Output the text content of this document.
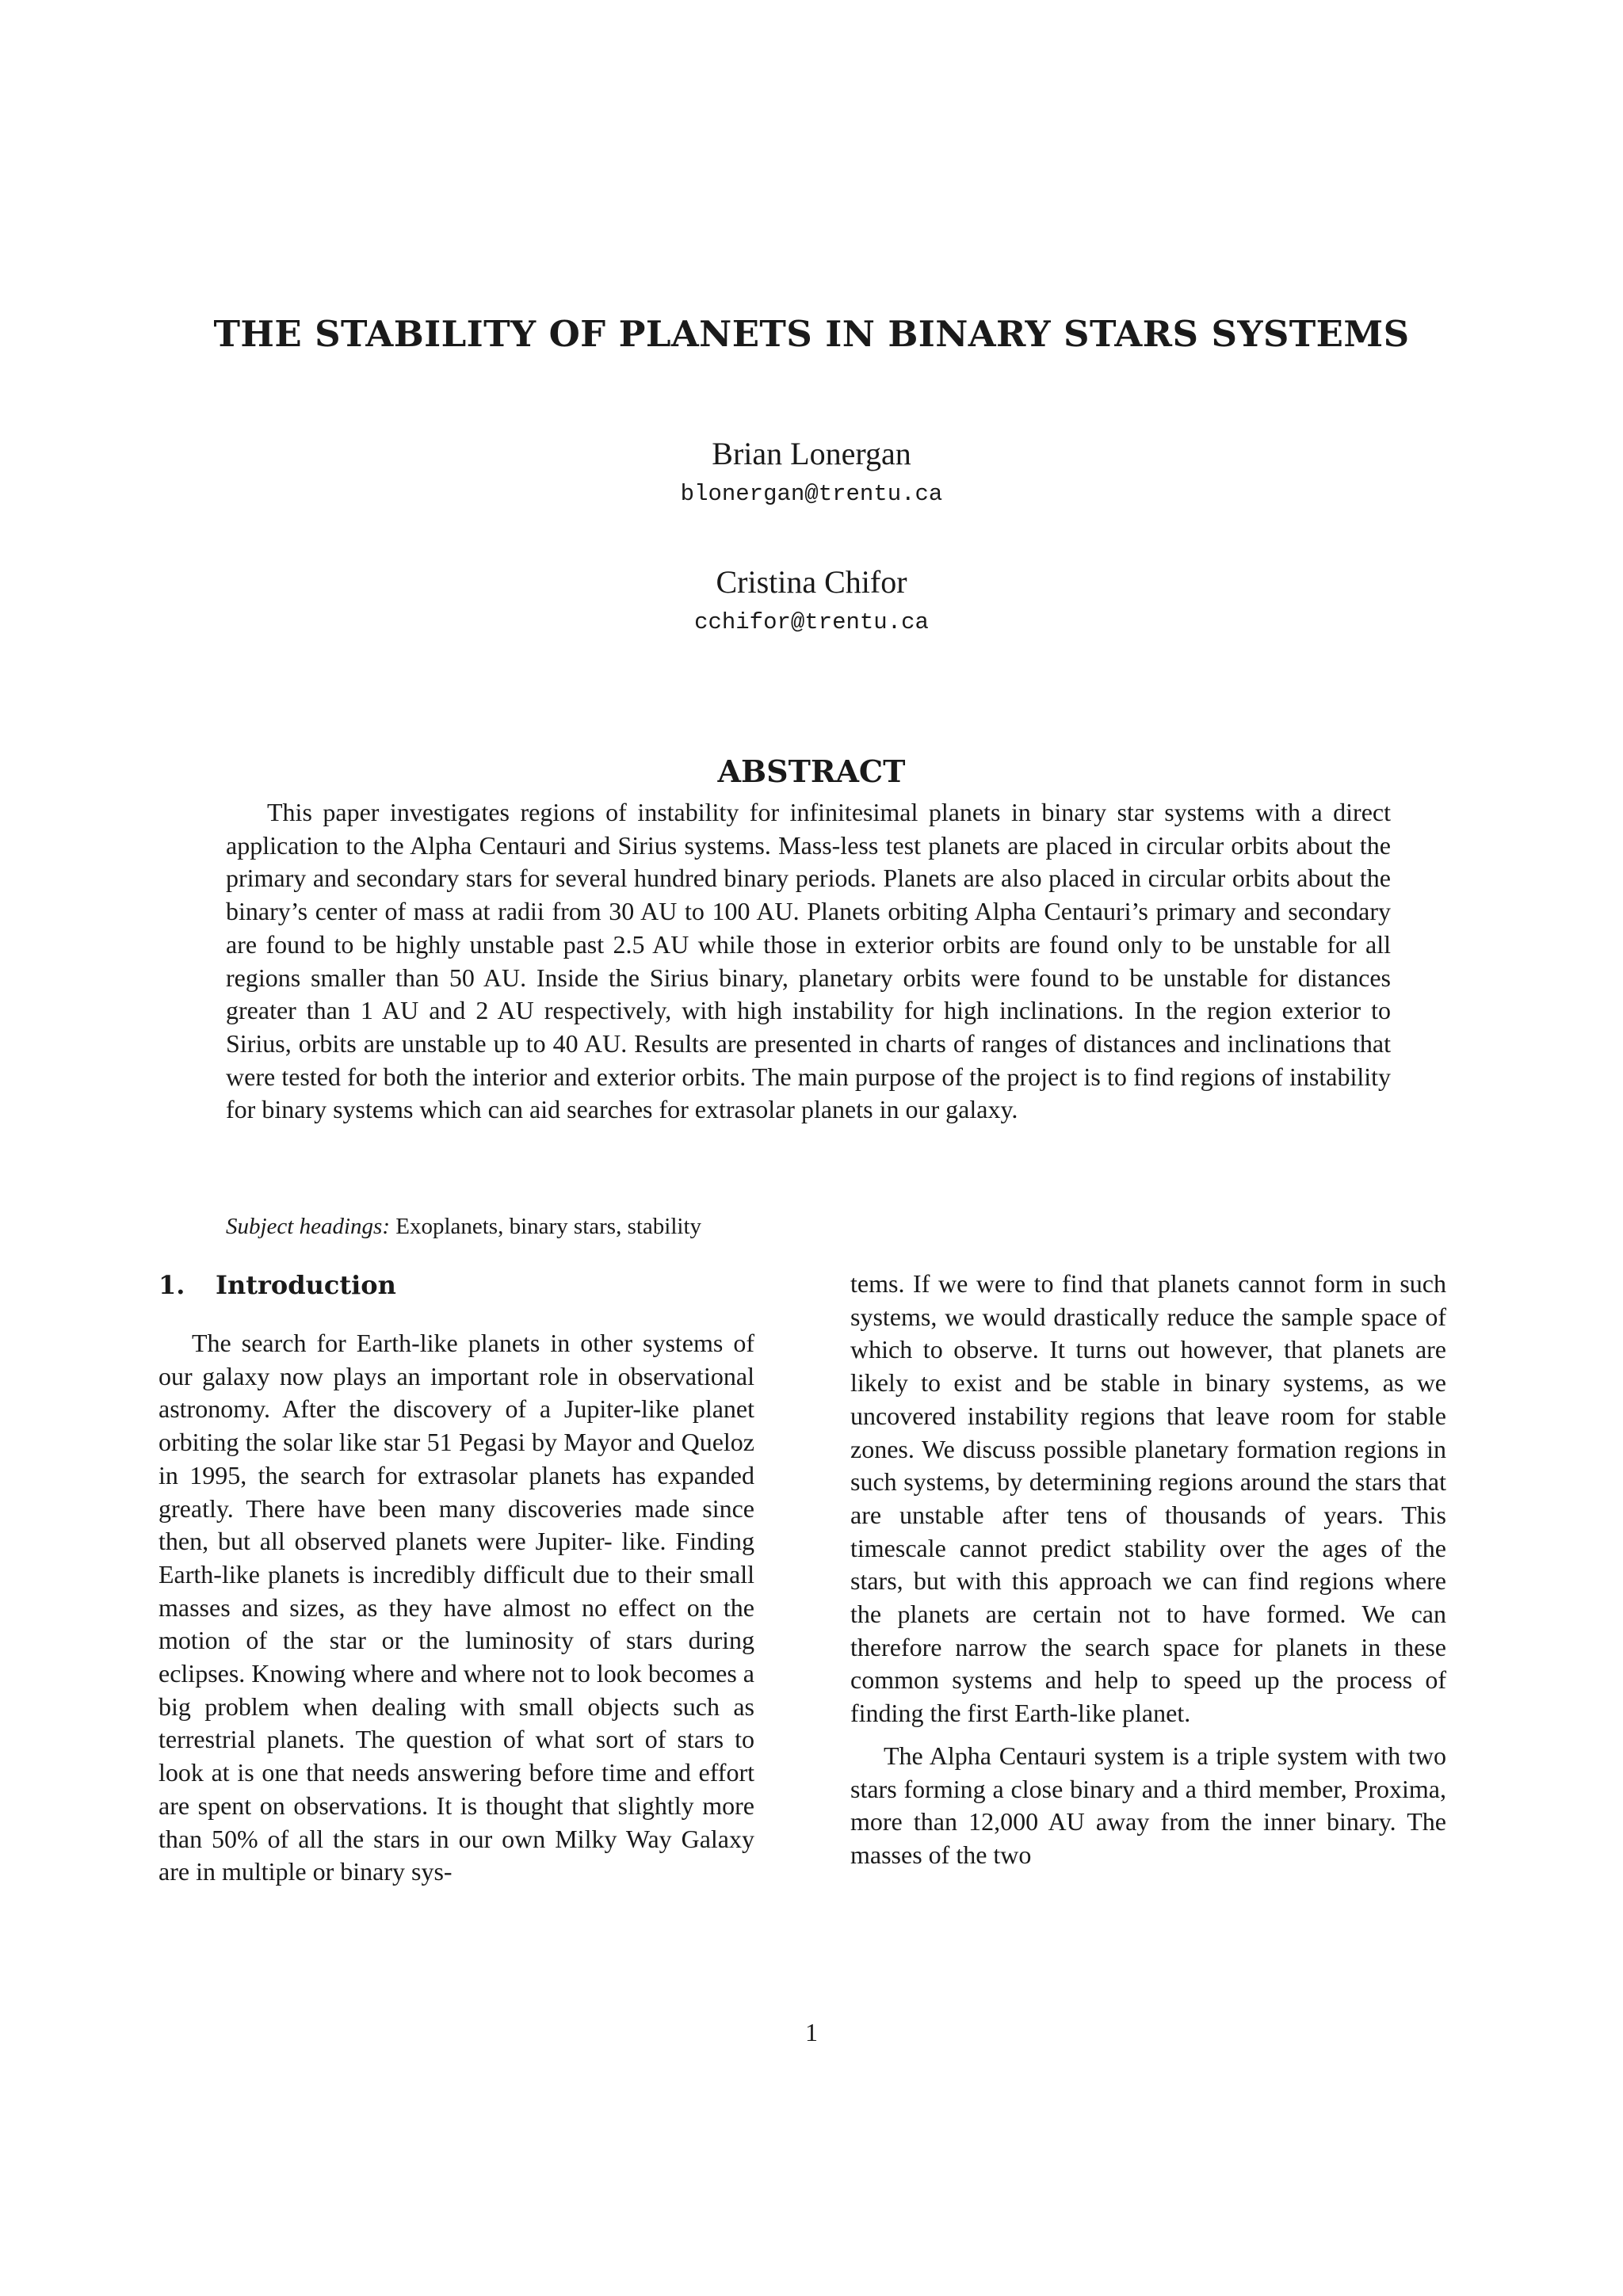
THE STABILITY OF PLANETS IN BINARY STARS SYSTEMS
Brian Lonergan
blonergan@trentu.ca
Cristina Chifor
cchifor@trentu.ca
ABSTRACT

This paper investigates regions of instability for infinitesimal planets in binary star systems with a direct application to the Alpha Centauri and Sirius systems. Mass-less test planets are placed in circular orbits about the primary and secondary stars for several hundred binary periods. Planets are also placed in circular orbits about the binary’s center of mass at radii from 30 AU to 100 AU. Planets orbiting Alpha Centauri’s primary and secondary are found to be highly unstable past 2.5 AU while those in exterior orbits are found only to be unstable for all regions smaller than 50 AU. Inside the Sirius binary, planetary orbits were found to be unstable for distances greater than 1 AU and 2 AU respectively, with high instability for high inclinations. In the region exterior to Sirius, orbits are unstable up to 40 AU. Results are presented in charts of ranges of distances and inclinations that were tested for both the interior and exterior orbits. The main purpose of the project is to find regions of instability for binary systems which can aid searches for extrasolar planets in our galaxy.

Subject headings: Exoplanets, binary stars, stability

1. Introduction

The search for Earth-like planets in other systems of our galaxy now plays an important role in observational astronomy. After the discovery of a Jupiter-like planet orbiting the solar like star 51 Pegasi by Mayor and Queloz in 1995, the search for extrasolar planets has expanded greatly. There have been many discoveries made since then, but all observed planets were Jupiter- like. Finding Earth-like planets is incredibly difficult due to their small masses and sizes, as they have almost no effect on the motion of the star or the luminosity of stars during eclipses. Knowing where and where not to look becomes a big problem when dealing with small objects such as terrestrial planets. The question of what sort of stars to look at is one that needs answering before time and effort are spent on observations. It is thought that slightly more than 50% of all the stars in our own Milky Way Galaxy are in multiple or binary sys-

tems. If we were to find that planets cannot form in such systems, we would drastically reduce the sample space of which to observe. It turns out however, that planets are likely to exist and be stable in binary systems, as we uncovered instability regions that leave room for stable zones. We discuss possible planetary formation regions in such systems, by determining regions around the stars that are unstable after tens of thousands of years. This timescale cannot predict stability over the ages of the stars, but with this approach we can find regions where the planets are certain not to have formed. We can therefore narrow the search space for planets in these common systems and help to speed up the process of finding the first Earth-like planet.

The Alpha Centauri system is a triple system with two stars forming a close binary and a third member, Proxima, more than 12,000 AU away from the inner binary. The masses of the two

1
